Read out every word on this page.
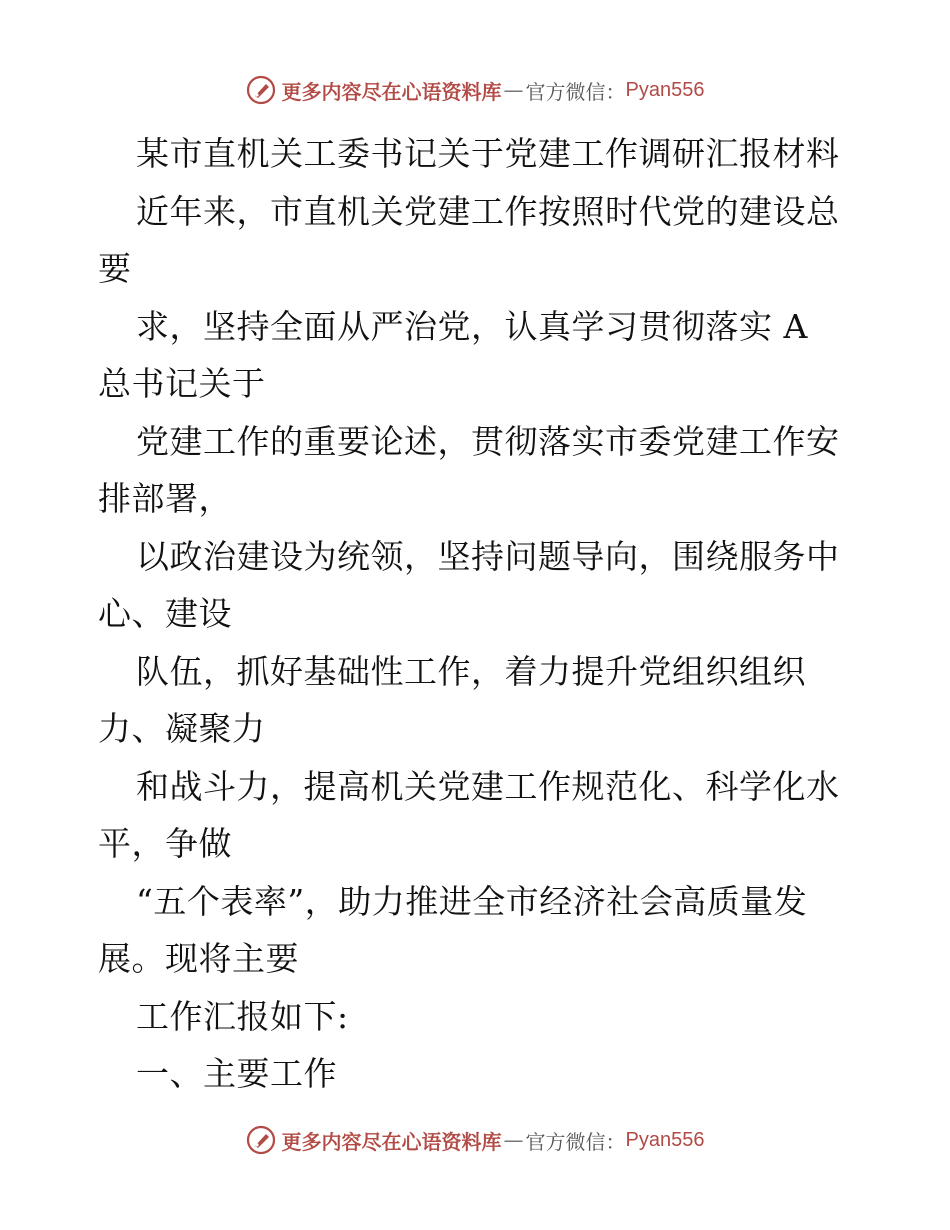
更多内容尽在心语资料库 — 官方微信： Pyan556
某市直机关工委书记关于党建工作调研汇报材料
近年来，市直机关党建工作按照时代党的建设总
要
求，坚持全面从严治党，认真学习贯彻落实 A
总书记关于
党建工作的重要论述，贯彻落实市委党建工作安
排部署，
以政治建设为统领，坚持问题导向，围绕服务中
心、建设
队伍，抓好基础性工作，着力提升党组织组织
力、凝聚力
和战斗力，提高机关党建工作规范化、科学化水
平，争做
“五个表率”，助力推进全市经济社会高质量发
展。现将主要
工作汇报如下:
一、主要工作
更多内容尽在心语资料库 — 官方微信： Pyan556
